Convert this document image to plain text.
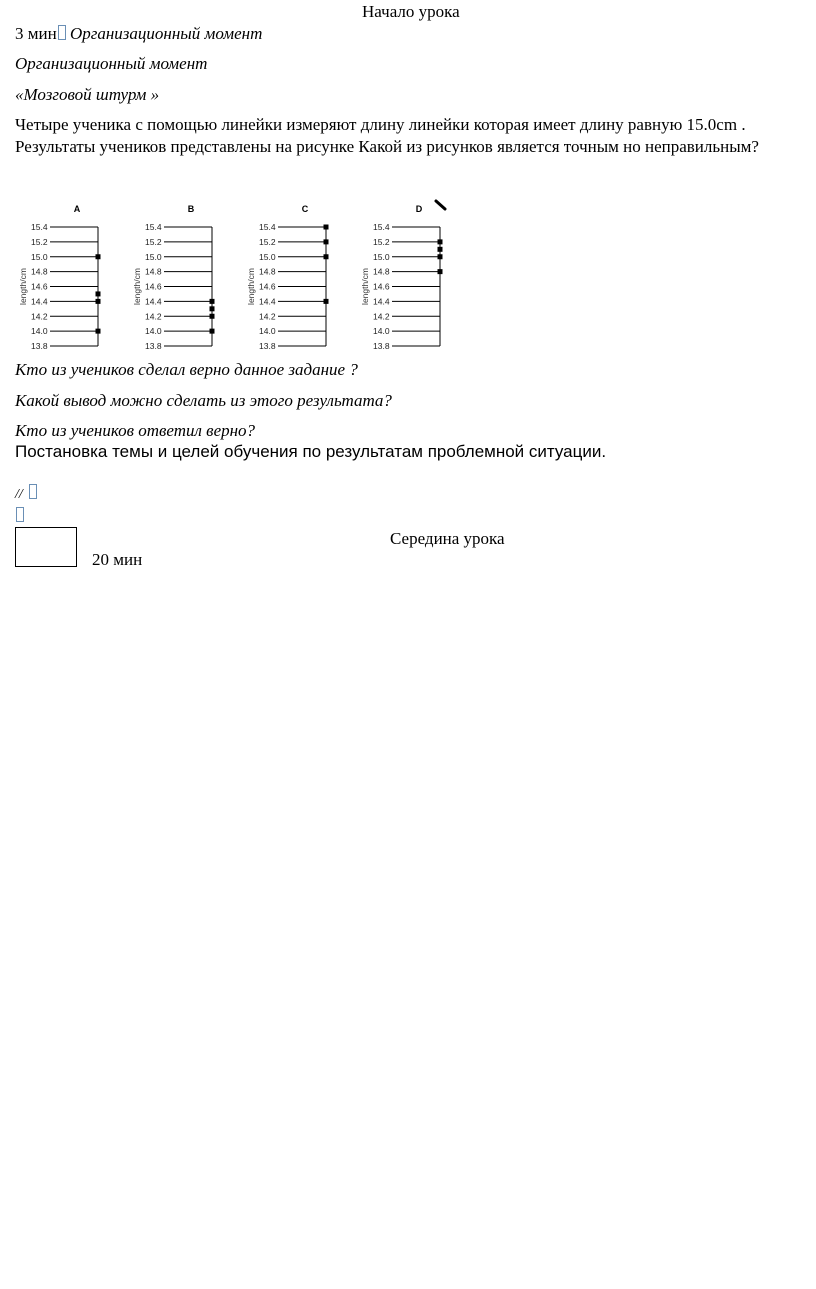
Начало урока
3 мин Организационный момент
Организационный момент
«Мозговой штурм »
Четыре ученика с помощью линейки измеряют длину линейки которая имеет длину равную 15.0cm . Результаты учеников представлены на рисунке Какой из рисунков является точным но неправильным?
A
15.4
15.2
15.0
14.8
14.6
14.4
14.2
14.0
13.8
length/cm
B
15.4
15.2
15.0
14.8
14.6
14.4
14.2
14.0
13.8
length/cm
C
15.4
15.2
15.0
14.8
14.6
14.4
14.2
14.0
13.8
length/cm
D
15.4
15.2
15.0
14.8
14.6
14.4
14.2
14.0
13.8
length/cm
Кто из учеников сделал верно данное задание ?
Какой вывод можно сделать из этого результата?
Кто из учеников ответил верно?
Постановка темы и целей обучения по результатам проблемной ситуации.
//
Середина урока
20 мин
